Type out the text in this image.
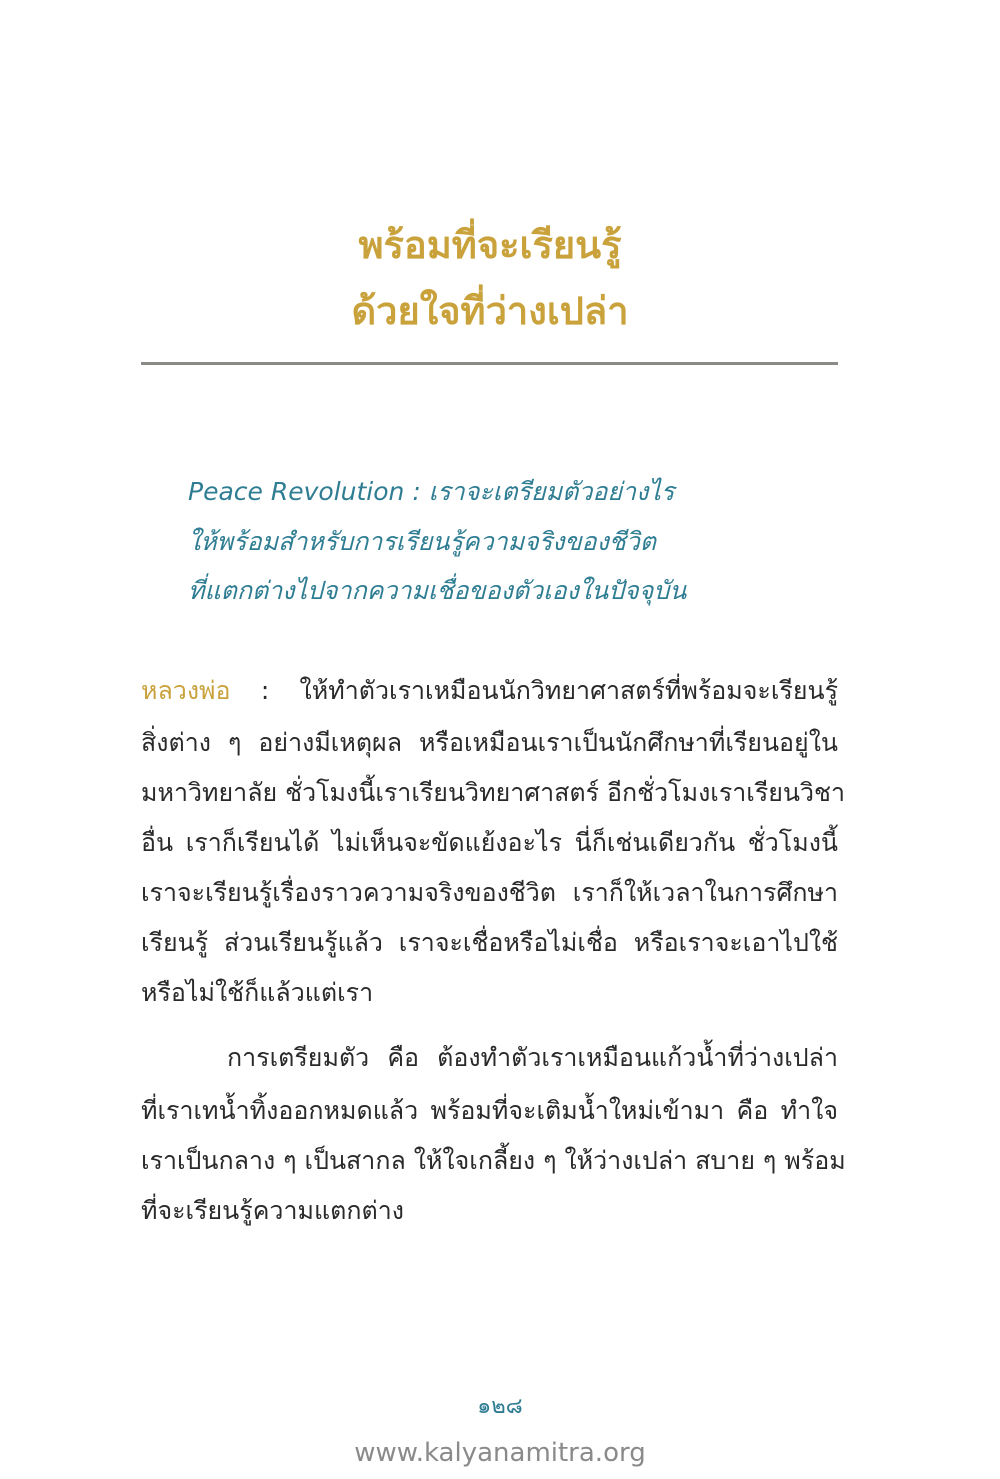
พร้อมที่จะเรียนรู้
ด้วยใจที่ว่างเปล่า
Peace Revolution : เราจะเตรียมตัวอย่างไร
ให้พร้อมสำหรับการเรียนรู้ความจริงของชีวิต
ที่แตกต่างไปจากความเชื่อของตัวเองในปัจจุบัน
หลวงพ่อ : ให้ทำตัวเราเหมือนนักวิทยาศาสตร์ที่พร้อมจะเรียนรู้
สิ่งต่าง ๆ อย่างมีเหตุผล หรือเหมือนเราเป็นนักศึกษาที่เรียนอยู่ใน
มหาวิทยาลัย ชั่วโมงนี้เราเรียนวิทยาศาสตร์ อีกชั่วโมงเราเรียนวิชา
อื่น เราก็เรียนได้ ไม่เห็นจะขัดแย้งอะไร นี่ก็เช่นเดียวกัน ชั่วโมงนี้
เราจะเรียนรู้เรื่องราวความจริงของชีวิต เราก็ให้เวลาในการศึกษา
เรียนรู้ ส่วนเรียนรู้แล้ว เราจะเชื่อหรือไม่เชื่อ หรือเราจะเอาไปใช้
หรือไม่ใช้ก็แล้วแต่เรา
การเตรียมตัว คือ ต้องทำตัวเราเหมือนแก้วน้ำที่ว่างเปล่า
ที่เราเทน้ำทิ้งออกหมดแล้ว พร้อมที่จะเติมน้ำใหม่เข้ามา คือ ทำใจ
เราเป็นกลาง ๆ เป็นสากล ให้ใจเกลี้ยง ๆ ให้ว่างเปล่า สบาย ๆ พร้อม
ที่จะเรียนรู้ความแตกต่าง
๑๒๘
www.kalyanamitra.org
